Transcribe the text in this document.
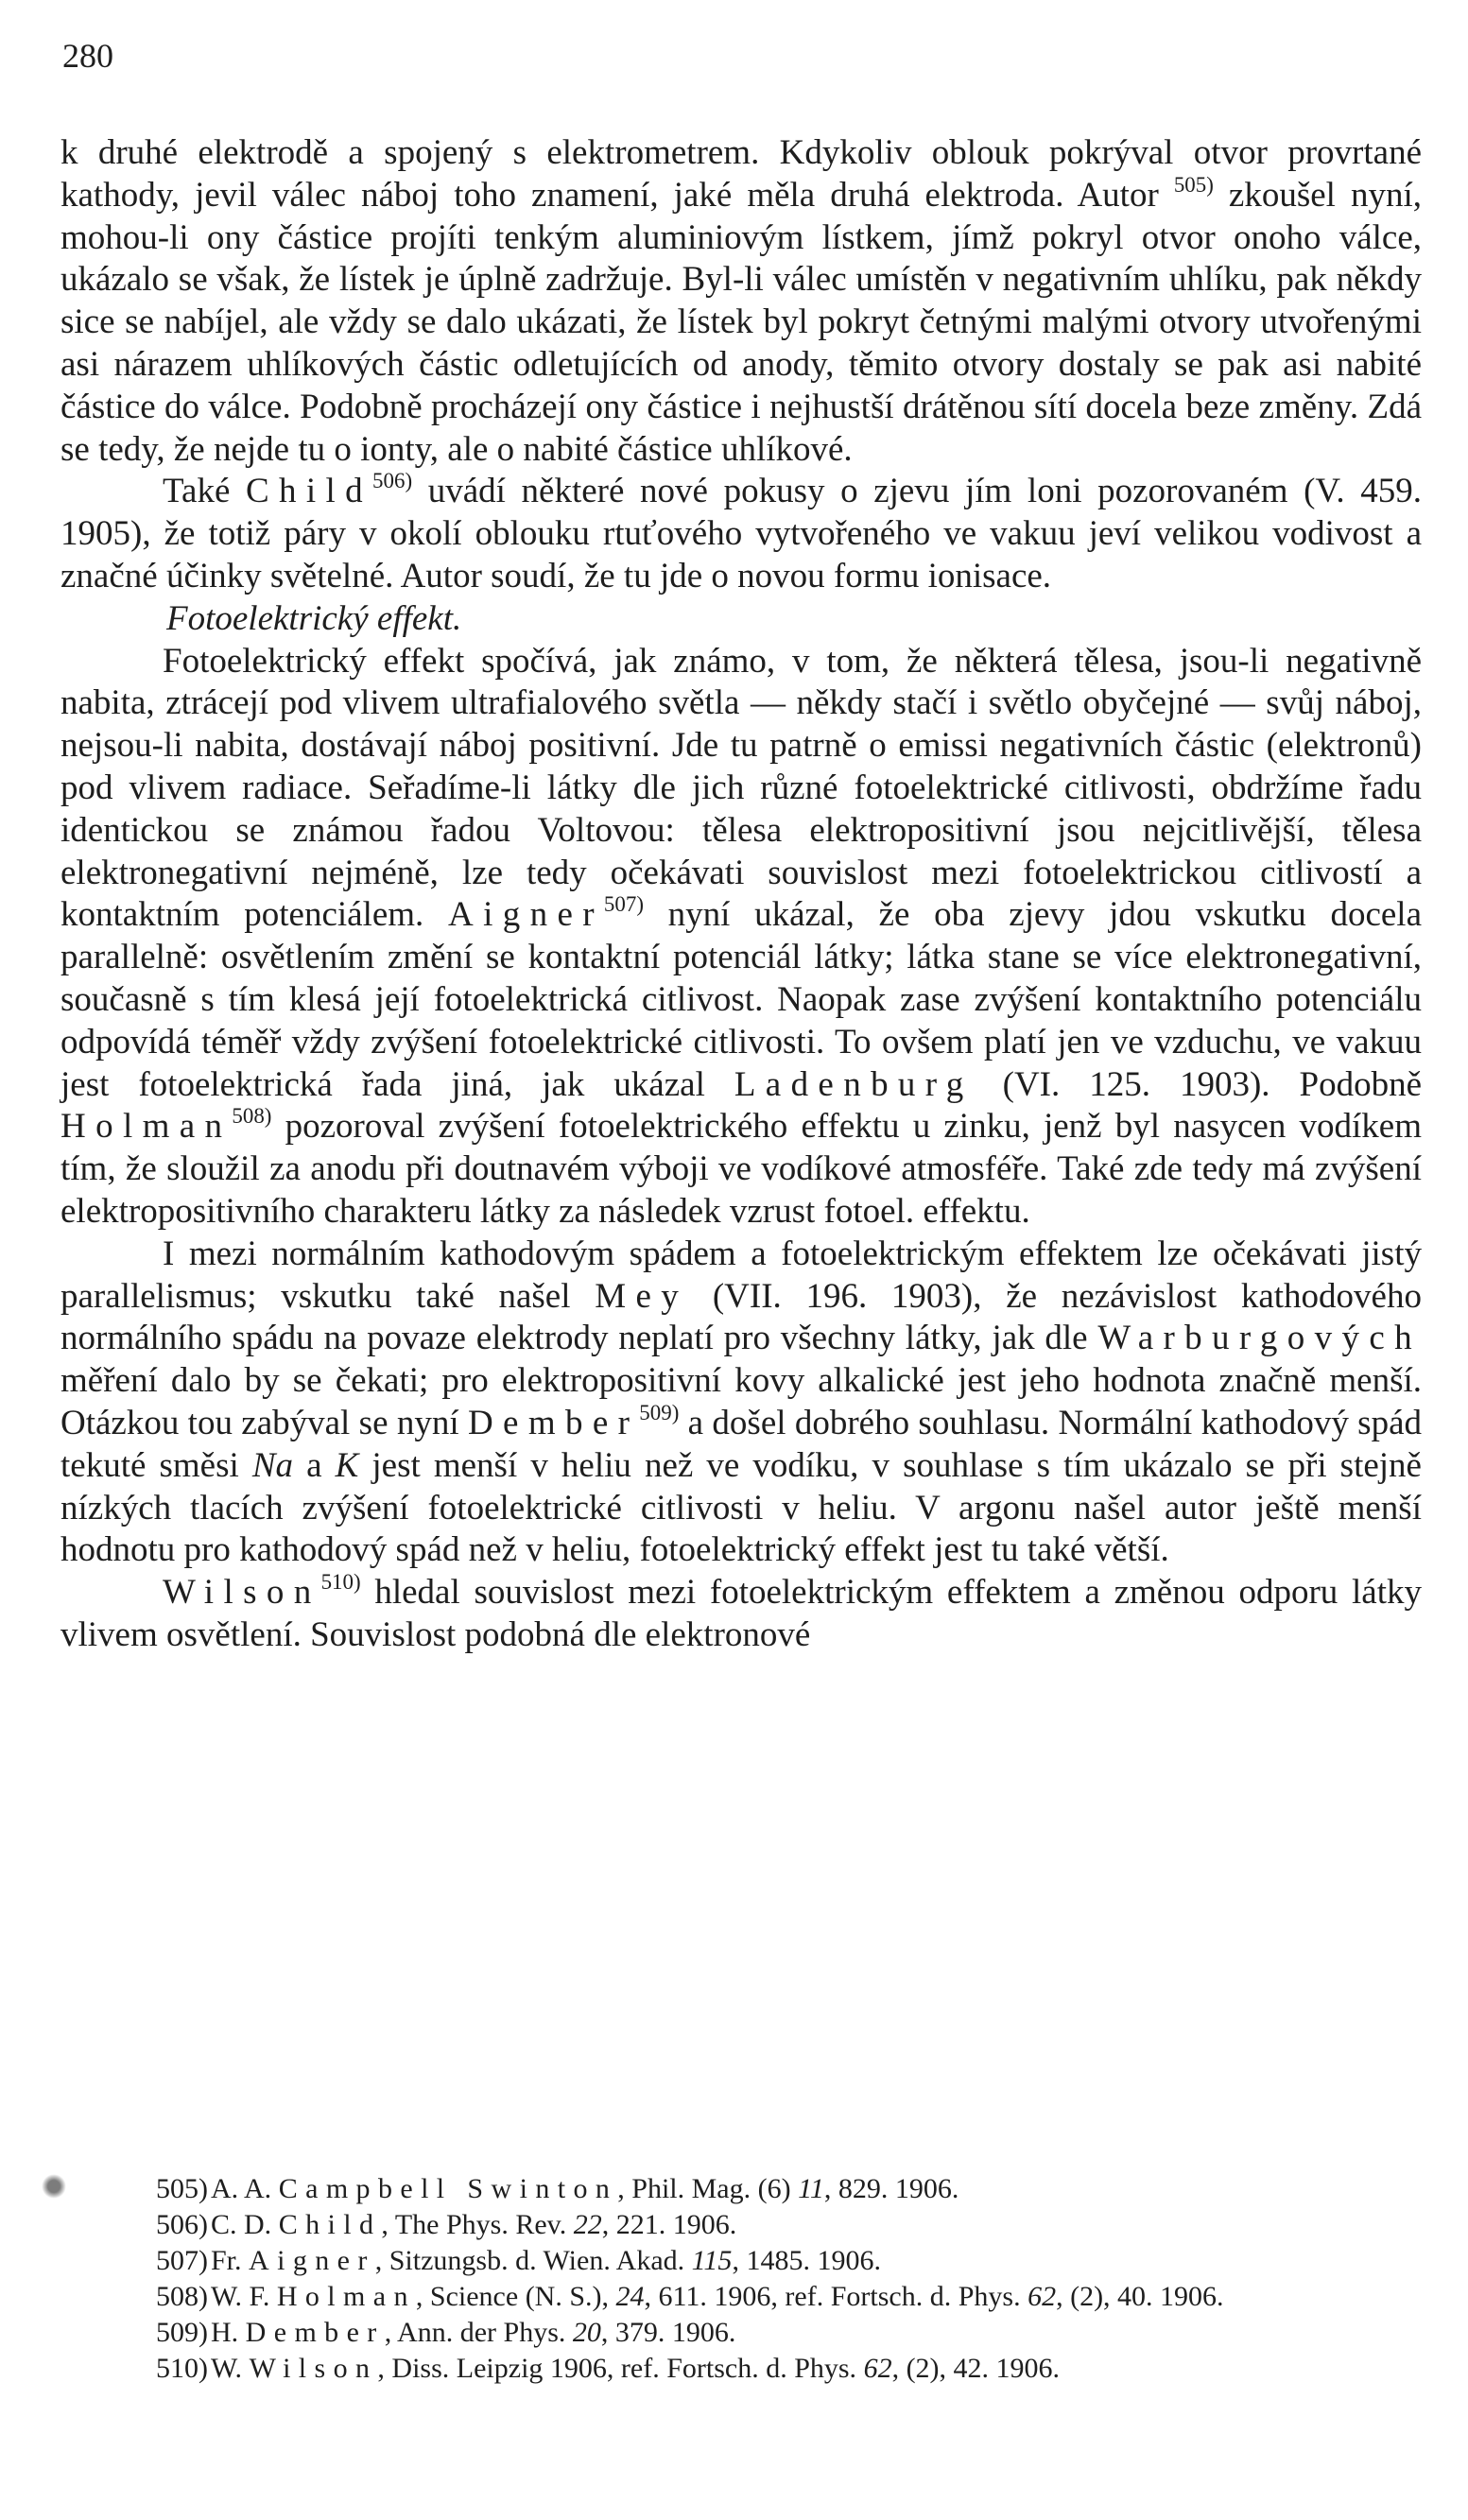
280

k druhé elektrodě a spojený s elektrometrem. Kdykoliv oblouk pokrýval otvor provrtané kathody, jevil válec náboj toho znamení, jaké měla druhá elektroda. Autor $^{505)}$ zkoušel nyní, mohou-li ony částice projíti tenkým aluminiovým lístkem, jímž pokryl otvor onoho válce, ukázalo se však, že lístek je úplně zadržuje. Byl-li válec umístěn v negativním uhlíku, pak někdy sice se nabíjel, ale vždy se dalo ukázati, že lístek byl pokryt četnými malými otvory utvořenými asi nárazem uhlíkových částic odletujících od anody, těmito otvory dostaly se pak asi nabité částice do válce. Podobně procházejí ony částice i nejhustší drátěnou sítí docela beze změny. Zdá se tedy, že nejde tu o ionty, ale o nabité částice uhlíkové.

Také Child$^{506)}$ uvádí některé nové pokusy o zjevu jím loni pozorovaném (V. 459. 1905), že totiž páry v okolí oblouku rtuťového vytvořeného ve vakuu jeví velikou vodivost a značné účinky světelné. Autor soudí, že tu jde o novou formu ionisace.

Fotoelektrický effekt.

Fotoelektrický effekt spočívá, jak známo, v tom, že některá tělesa, jsou-li negativně nabita, ztrácejí pod vlivem ultrafialového světla — někdy stačí i světlo obyčejné — svůj náboj, nejsou-li nabita, dostávají náboj positivní. Jde tu patrně o emissi negativních částic (elektronů) pod vlivem radiace. Seřadíme-li látky dle jich různé fotoelektrické citlivosti, obdržíme řadu identickou se známou řadou Voltovou: tělesa elektropositivní jsou nejcitlivější, tělesa elektronegativní nejméně, lze tedy očekávati souvislost mezi fotoelektrickou citlivostí a kontaktním potenciálem. Aigner$^{507)}$ nyní ukázal, že oba zjevy jdou vskutku docela parallelně: osvětlením změní se kontaktní potenciál látky; látka stane se více elektronegativní, současně s tím klesá její fotoelektrická citlivost. Naopak zase zvýšení kontaktního potenciálu odpovídá téměř vždy zvýšení fotoelektrické citlivosti. To ovšem platí jen ve vzduchu, ve vakuu jest fotoelektrická řada jiná, jak ukázal Ladenburg (VI. 125. 1903). Podobně Holman$^{508)}$ pozoroval zvýšení fotoelektrického effektu u zinku, jenž byl nasycen vodíkem tím, že sloužil za anodu při doutnavém výboji ve vodíkové atmosféře. Také zde tedy má zvýšení elektropositivního charakteru látky za následek vzrust fotoel. effektu.

I mezi normálním kathodovým spádem a fotoelektrickým effektem lze očekávati jistý parallelismus; vskutku také našel Mey (VII. 196. 1903), že nezávislost kathodového normálního spádu na povaze elektrody neplatí pro všechny látky, jak dle Warburgových měření dalo by se čekati; pro elektropositivní kovy alkalické jest jeho hodnota značně menší. Otázkou tou zabýval se nyní Dember$^{509)}$ a došel dobrého souhlasu. Normální kathodový spád tekuté směsi Na a K jest menší v heliu než ve vodíku, v souhlase s tím ukázalo se při stejně nízkých tlacích zvýšení fotoelektrické citlivosti v heliu. V argonu našel autor ještě menší hodnotu pro kathodový spád než v heliu, fotoelektrický effekt jest tu také větší.

Wilson$^{510)}$ hledal souvislost mezi fotoelektrickým effektem a změnou odporu látky vlivem osvětlení. Souvislost podobná dle elektronové

505) A. A. Campbell Swinton, Phil. Mag. (6) 11, 829. 1906.

506) C. D. Child, The Phys. Rev. 22, 221. 1906.

507) Fr. Aigner, Sitzungsb. d. Wien. Akad. 115, 1485. 1906.

508) W. F. Holman, Science (N. S.), 24, 611. 1906, ref. Fortsch. d. Phys. 62, (2), 40. 1906.

509) H. Dember, Ann. der Phys. 20, 379. 1906.

510) W. Wilson, Diss. Leipzig 1906, ref. Fortsch. d. Phys. 62, (2), 42. 1906.
